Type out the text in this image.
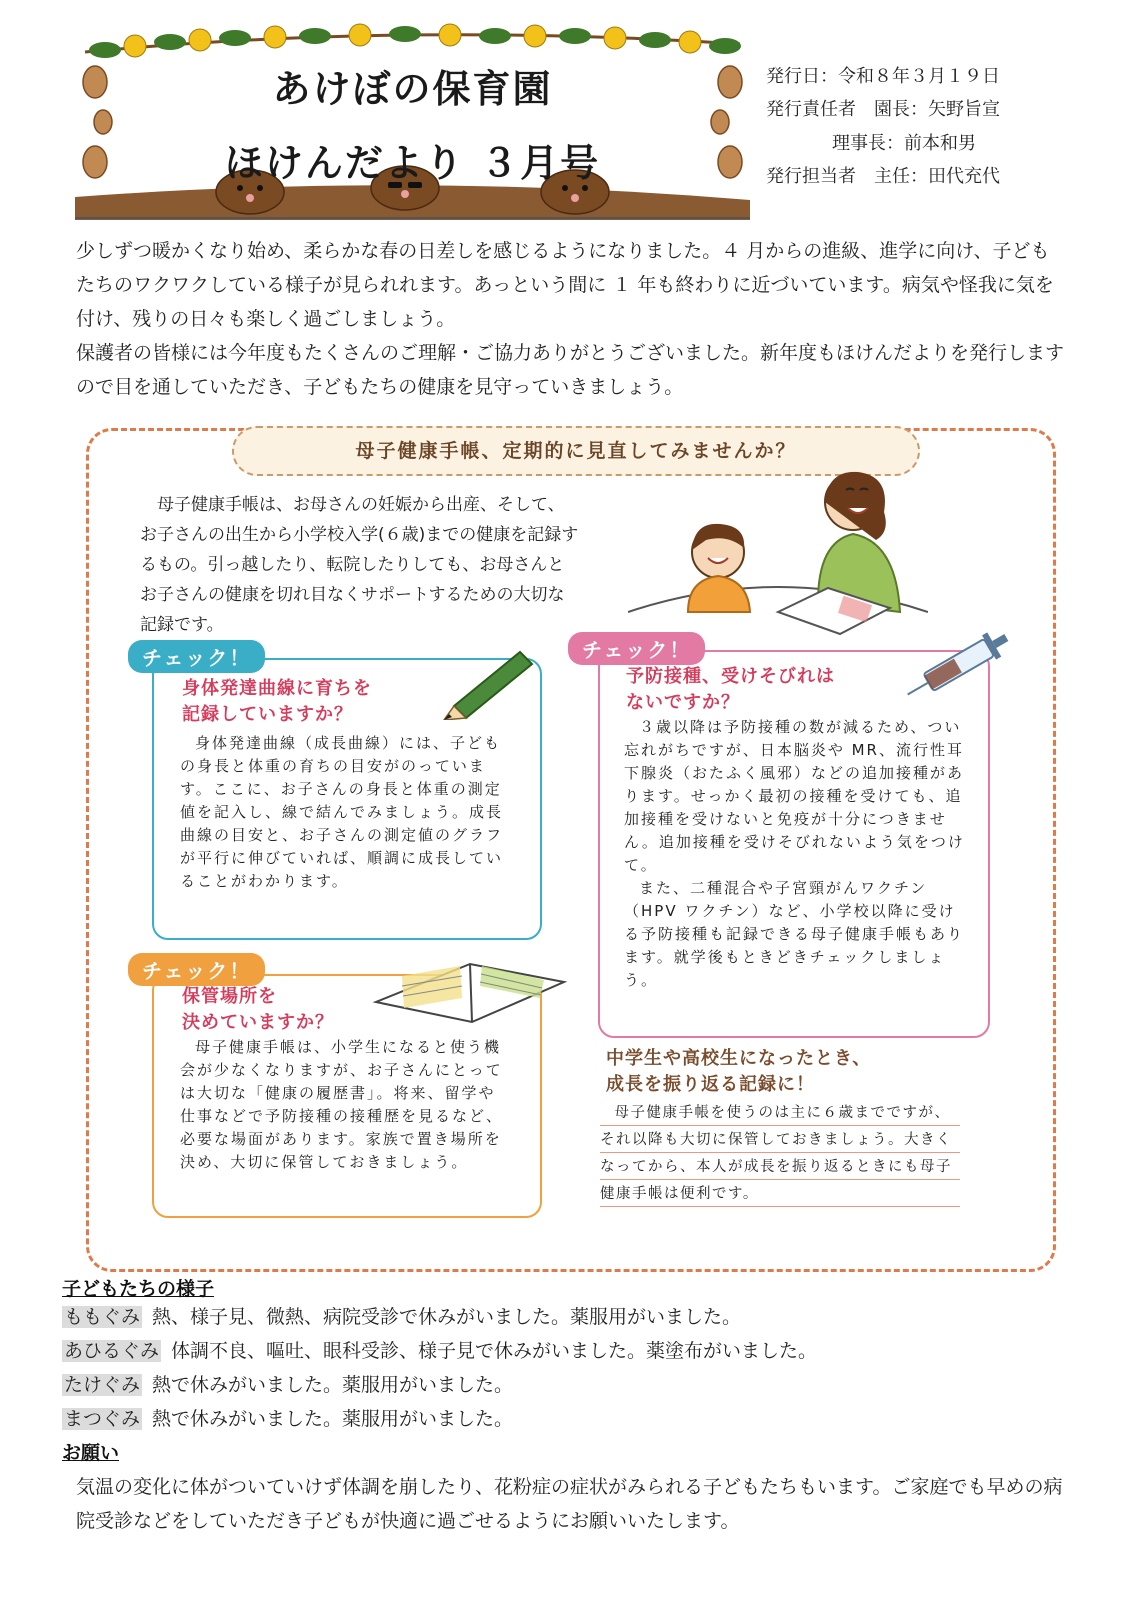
あけぼの保育園
ほけんだより ３月号
発行日：令和８年３月１９日
発行責任者　園長：矢野旨宣
理事長：前本和男
発行担当者　主任：田代充代
少しずつ暖かくなり始め、柔らかな春の日差しを感じるようになりました。４ 月からの進級、進学に向け、子どもたちのワクワクしている様子が見られれます。あっという間に １ 年も終わりに近づいています。病気や怪我に気を付け、残りの日々も楽しく過ごしましょう。
保護者の皆様には今年度もたくさんのご理解・ご協力ありがとうございました。新年度もほけんだよりを発行しますので目を通していただき、子どもたちの健康を見守っていきましょう。
母子健康手帳、定期的に見直してみませんか？
母子健康手帳は、お母さんの妊娠から出産、そして、お子さんの出生から小学校入学(６歳)までの健康を記録するもの。引っ越したり、転院したりしても、お母さんとお子さんの健康を切れ目なくサポートするための大切な記録です。
チェック！
身体発達曲線に育ちを
記録していますか？
身体発達曲線（成長曲線）には、子どもの身長と体重の育ちの目安がのっています。ここに、お子さんの身長と体重の測定値を記入し、線で結んでみましょう。成長曲線の目安と、お子さんの測定値のグラフが平行に伸びていれば、順調に成長していることがわかります。
チェック！
保管場所を
決めていますか？
母子健康手帳は、小学生になると使う機会が少なくなりますが、お子さんにとっては大切な「健康の履歴書」。将来、留学や仕事などで予防接種の接種歴を見るなど、必要な場面があります。家族で置き場所を決め、大切に保管しておきましょう。
チェック！
予防接種、受けそびれは
ないですか？
３歳以降は予防接種の数が減るため、つい忘れがちですが、日本脳炎や MR、流行性耳下腺炎（おたふく風邪）などの追加接種があります。せっかく最初の接種を受けても、追加接種を受けないと免疫が十分につきません。追加接種を受けそびれないよう気をつけて。
また、二種混合や子宮頸がんワクチン（HPV ワクチン）など、小学校以降に受ける予防接種も記録できる母子健康手帳もあります。就学後もときどきチェックしましょう。
中学生や高校生になったとき、
成長を振り返る記録に！
母子健康手帳を使うのは主に６歳までですが、それ以降も大切に保管しておきましょう。大きくなってから、本人が成長を振り返るときにも母子健康手帳は便利です。
子どもたちの様子
ももぐみ 熱、様子見、微熱、病院受診で休みがいました。薬服用がいました。
あひるぐみ 体調不良、嘔吐、眼科受診、様子見で休みがいました。薬塗布がいました。
たけぐみ 熱で休みがいました。薬服用がいました。
まつぐみ 熱で休みがいました。薬服用がいました。
お願い
気温の変化に体がついていけず体調を崩したり、花粉症の症状がみられる子どもたちもいます。ご家庭でも早めの病院受診などをしていただき子どもが快適に過ごせるようにお願いいたします。
